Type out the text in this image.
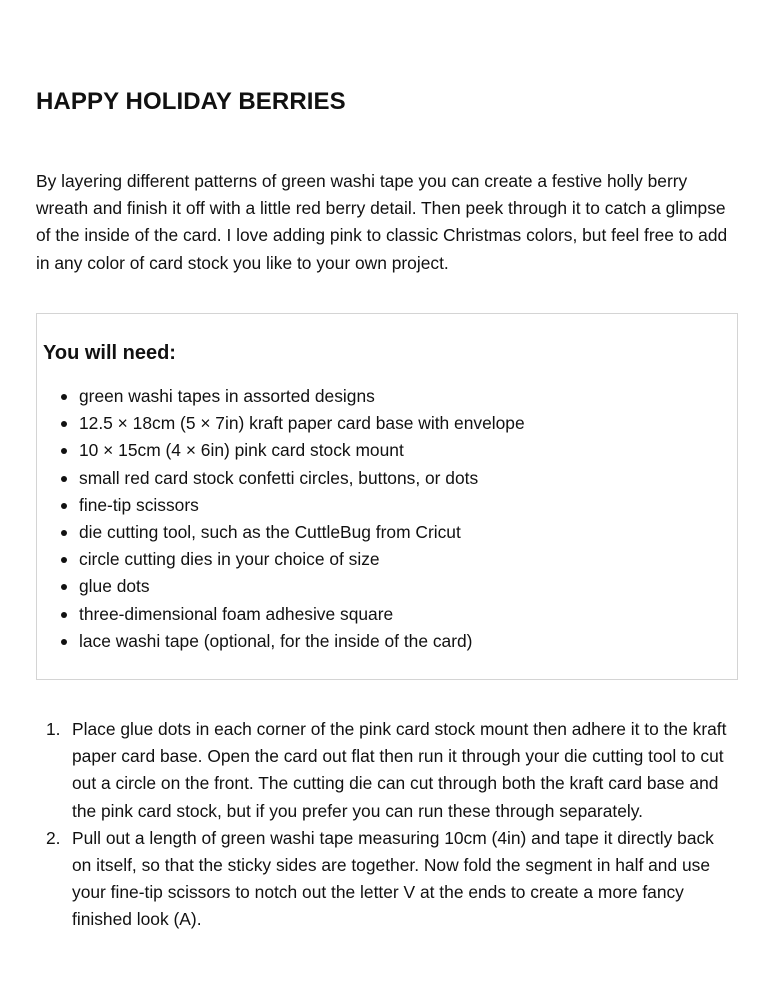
HAPPY HOLIDAY BERRIES

By layering different patterns of green washi tape you can create a festive holly berry wreath and finish it off with a little red berry detail. Then peek through it to catch a glimpse of the inside of the card. I love adding pink to classic Christmas colors, but feel free to add in any color of card stock you like to your own project.

You will need:
green washi tapes in assorted designs
12.5 × 18cm (5 × 7in) kraft paper card base with envelope
10 × 15cm (4 × 6in) pink card stock mount
small red card stock confetti circles, buttons, or dots
fine-tip scissors
die cutting tool, such as the CuttleBug from Cricut
circle cutting dies in your choice of size
glue dots
three-dimensional foam adhesive square
lace washi tape (optional, for the inside of the card)
1. Place glue dots in each corner of the pink card stock mount then adhere it to the kraft paper card base. Open the card out flat then run it through your die cutting tool to cut out a circle on the front. The cutting die can cut through both the kraft card base and the pink card stock, but if you prefer you can run these through separately.
2. Pull out a length of green washi tape measuring 10cm (4in) and tape it directly back on itself, so that the sticky sides are together. Now fold the segment in half and use your fine-tip scissors to notch out the letter V at the ends to create a more fancy finished look (A).
